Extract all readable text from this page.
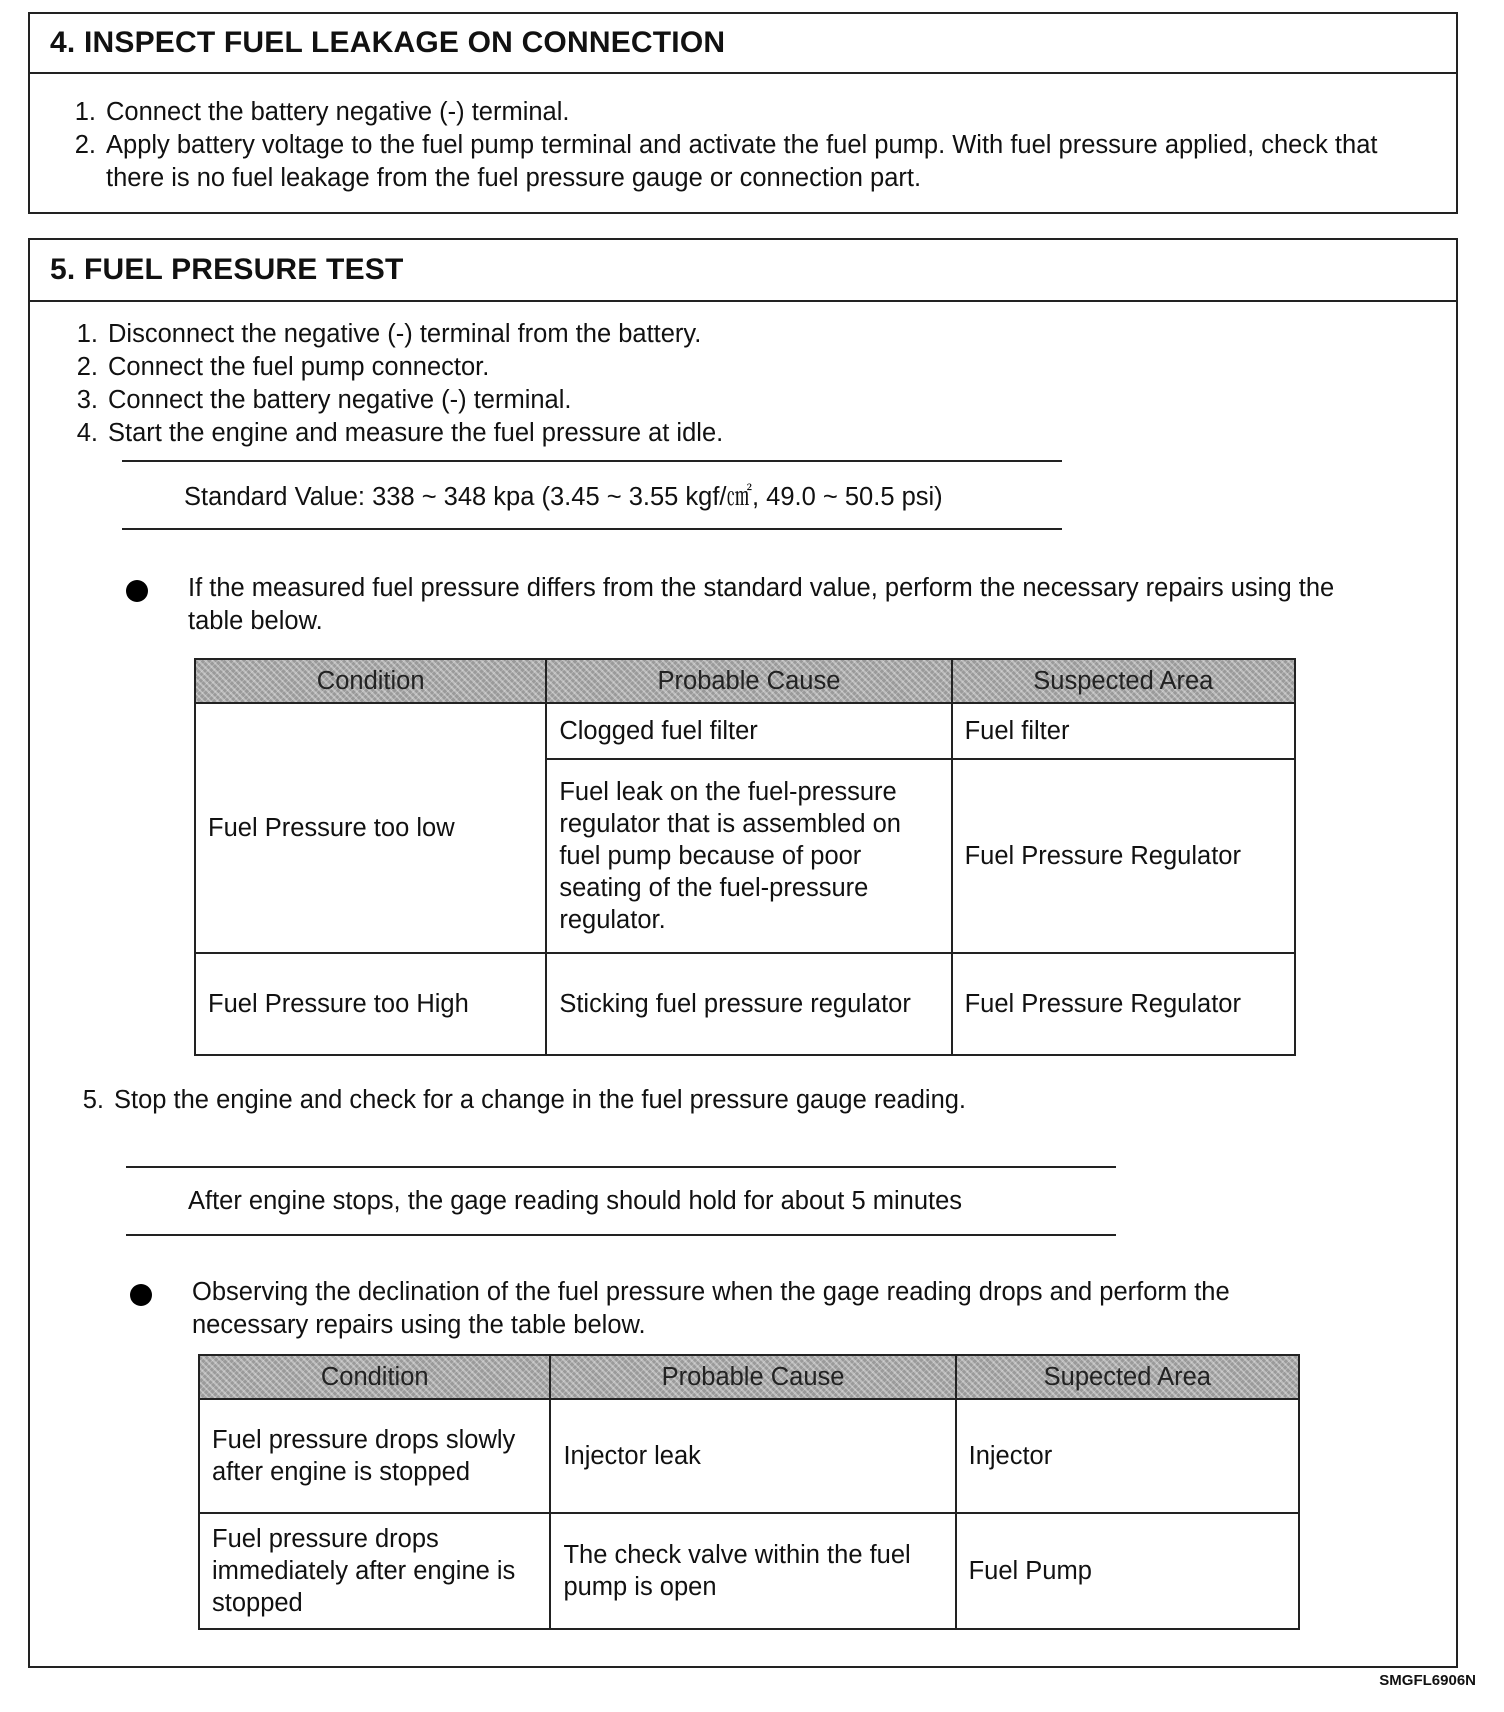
4. INSPECT FUEL LEAKAGE ON CONNECTION
1. Connect the battery negative (-) terminal.
2. Apply battery voltage to the fuel pump terminal and activate the fuel pump. With fuel pressure applied, check that there is no fuel leakage from the fuel pressure gauge or connection part.
5. FUEL PRESURE TEST
1. Disconnect the negative (-) terminal from the battery.
2. Connect the fuel pump connector.
3. Connect the battery negative (-) terminal.
4. Start the engine and measure the fuel pressure at idle.
Standard Value: 338 ~ 348 kpa (3.45 ~ 3.55 kgf/㎠, 49.0 ~ 50.5 psi)
If the measured fuel pressure differs from the standard value, perform the necessary repairs using the table below.
Condition	Probable Cause	Suspected Area
Fuel Pressure too low	Clogged fuel filter	Fuel filter
	Fuel leak on the fuel-pressure regulator that is assembled on fuel pump because of poor seating of the fuel-pressure regulator.	Fuel Pressure Regulator
Fuel Pressure too High	Sticking fuel pressure regulator	Fuel Pressure Regulator
5. Stop the engine and check for a change in the fuel pressure gauge reading.
After engine stops, the gage reading should hold for about 5 minutes
Observing the declination of the fuel pressure when the gage reading drops and perform the necessary repairs using the table below.
Condition	Probable Cause	Supected Area
Fuel pressure drops slowly after engine is stopped	Injector leak	Injector
Fuel pressure drops immediately after engine is stopped	The check valve within the fuel pump is open	Fuel Pump
SMGFL6906N
